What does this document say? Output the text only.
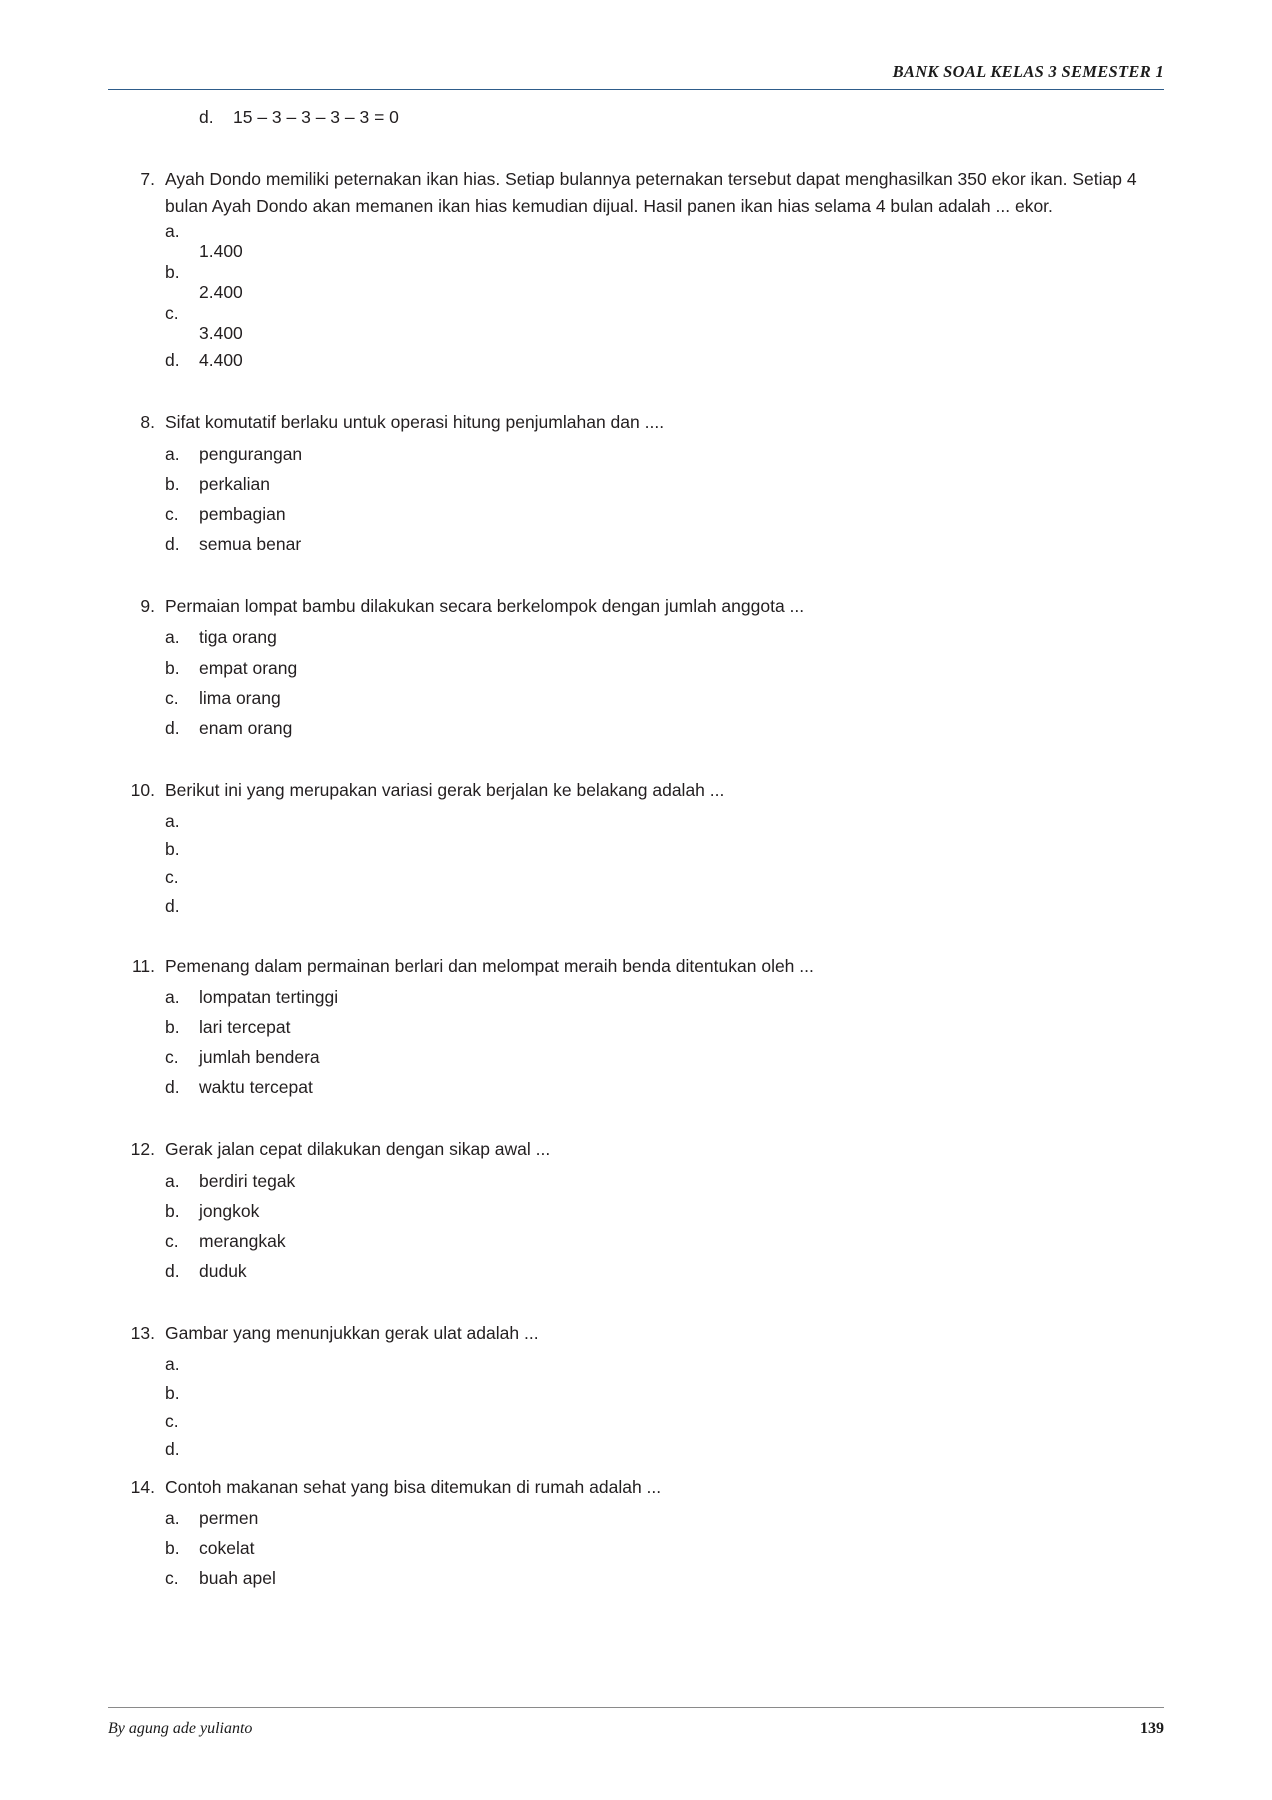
BANK SOAL KELAS 3 SEMESTER 1
d.	15 – 3 – 3 – 3 – 3 = 0
7. Ayah Dondo memiliki peternakan ikan hias. Setiap bulannya peternakan tersebut dapat menghasilkan 350 ekor ikan. Setiap 4 bulan Ayah Dondo akan memanen ikan hias kemudian dijual. Hasil panen ikan hias selama 4 bulan adalah ... ekor.
a.
1.400
b.
2.400
c.
3.400
d.	4.400
8. Sifat komutatif berlaku untuk operasi hitung penjumlahan dan ....
a.	pengurangan
b.	perkalian
c.	pembagian
d.	semua benar
9. Permaian lompat bambu dilakukan secara berkelompok dengan jumlah anggota ...
a.	tiga orang
b.	empat orang
c.	lima orang
d.	enam orang
10. Berikut ini yang merupakan variasi gerak berjalan ke belakang adalah ...
a.
b.
c.
d.
11. Pemenang dalam permainan berlari dan melompat meraih benda ditentukan oleh ...
a.	lompatan tertinggi
b.	lari tercepat
c.	jumlah bendera
d.	waktu tercepat
12. Gerak jalan cepat dilakukan dengan sikap awal ...
a.	berdiri tegak
b.	jongkok
c.	merangkak
d.	duduk
13. Gambar yang menunjukkan gerak ulat adalah ...
a.
b.
c.
d.
14. Contoh makanan sehat yang bisa ditemukan di rumah adalah ...
a.	permen
b.	cokelat
c.	buah apel
By agung ade yulianto	139
